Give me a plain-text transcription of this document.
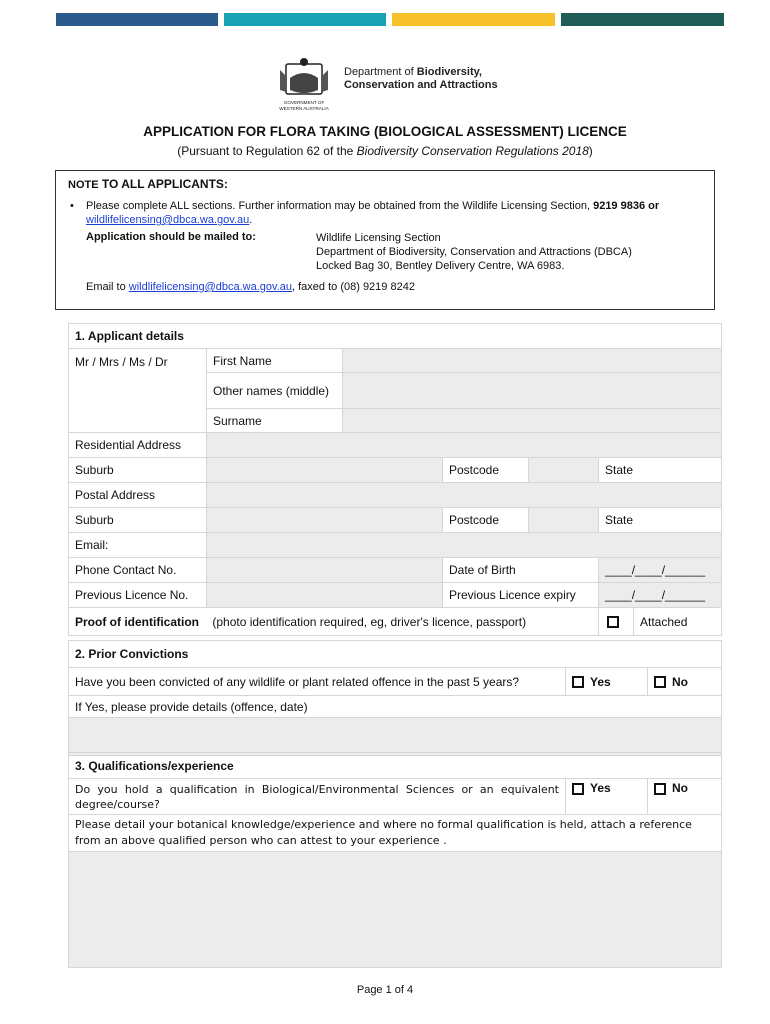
GOVERNMENT OF
WESTERN AUSTRALIA
Department of Biodiversity,
Conservation and Attractions
APPLICATION FOR FLORA TAKING (BIOLOGICAL ASSESSMENT) LICENCE
(Pursuant to Regulation 62 of the Biodiversity Conservation Regulations 2018)
NOTE TO ALL APPLICANTS:
• Please complete ALL sections. Further information may be obtained from the Wildlife Licensing Section, 9219 9836 or
wildlifelicensing@dbca.wa.gov.au.
Application should be mailed to:	Wildlife Licensing Section
Department of Biodiversity, Conservation and Attractions (DBCA)
Locked Bag 30, Bentley Delivery Centre, WA 6983.
Email to wildlifelicensing@dbca.wa.gov.au, faxed to (08) 9219 8242
1. Applicant details						
Mr / Mrs / Ms / Dr	First Name					
	Other names (middle)					
	Surname					
Residential Address						
Suburb			Postcode		State	
Postal Address						
Suburb			Postcode		State	
Email:						
Phone Contact No.			Date of Birth		____/____/______	
Previous Licence No.			Previous Licence expiry		____/____/______	
Proof of identification (photo identification required, eg, driver's licence, passport)						Attached
2. Prior Convictions
Have you been convicted of any wildlife or plant related offence in the past 5 years?	Yes	No
If Yes, please provide details (offence, date)

3. Qualifications/experience
Do you hold a qualification in Biological/Environmental Sciences or an equivalent degree/course?	Yes	No
Please detail your botanical knowledge/experience and where no formal qualification is held, attach a reference from an above qualified person who can attest to your experience .

Page 1 of 4
